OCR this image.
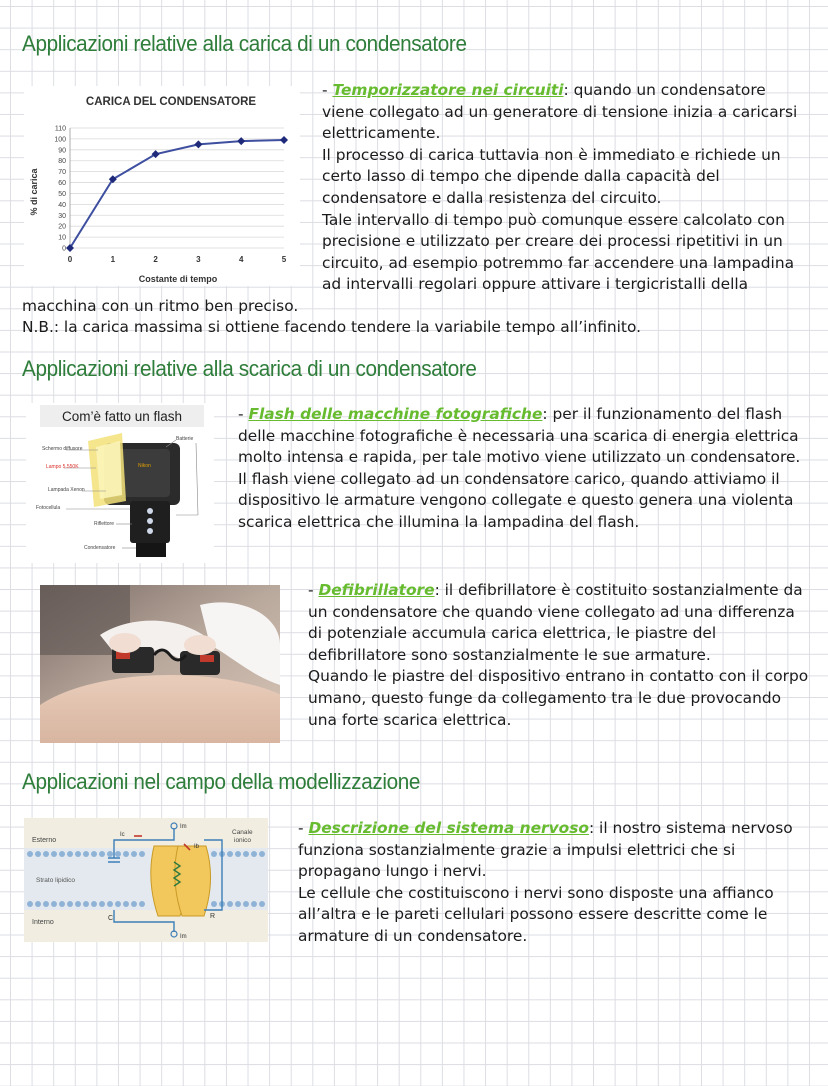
Applicazioni relative alla carica di un condensatore
CARICA DEL CONDENSATORE
0
10
20
30
40
50
60
70
80
90
100
110
0	1	2	3	4	5
Costante di tempo
% di carica

- Temporizzatore nei circuiti: quando un condensatore viene collegato ad un generatore di tensione inizia a caricarsi elettricamente.

Il processo di carica tuttavia non è immediato e richiede un certo lasso di tempo che dipende dalla capacità del condensatore e dalla resistenza del circuito.

Tale intervallo di tempo può comunque essere calcolato con precisione e utilizzato per creare dei processi ripetitivi in un circuito, ad esempio potremmo far accendere una lampadina ad intervalli regolari oppure attivare i tergicristalli della

macchina con un ritmo ben preciso.
N.B.: la carica massima si ottiene facendo tendere la variabile tempo all’infinito.
Applicazioni relative alla scarica di un condensatore
Com’è fatto un flash
Nikon
Schermo diffusore
Batterie
Lampo 5.550K
Lampada Xenon
Fotocellula
Riflettore
Condensatore

- Flash delle macchine fotografiche: per il funzionamento del flash delle macchine fotografiche è necessaria una scarica di energia elettrica molto intensa e rapida, per tale motivo viene utilizzato un condensatore.

Il flash viene collegato ad un condensatore carico, quando attiviamo il dispositivo le armature vengono collegate e questo genera una violenta scarica elettrica che illumina la lampadina del flash.

- Defibrillatore: il defibrillatore è costituito sostanzialmente da un condensatore che quando viene collegato ad una differenza di potenziale accumula carica elettrica, le piastre del defibrillatore sono sostanzialmente le sue armature.

Quando le piastre del dispositivo entrano in contatto con il corpo umano, questo funge da collegamento tra le due provocando una forte scarica elettrica.

Applicazioni nel campo della modellizzazione
Esterno
Interno
Strato lipidico
Canale
ionico
Ic
Im
Ib
C	R
Im

- Descrizione del sistema nervoso: il nostro sistema nervoso funziona sostanzialmente grazie a impulsi elettrici che si propagano lungo i nervi.

Le cellule che costituiscono i nervi sono disposte una affianco all’altra e le pareti cellulari possono essere descritte come le armature di un condensatore.
